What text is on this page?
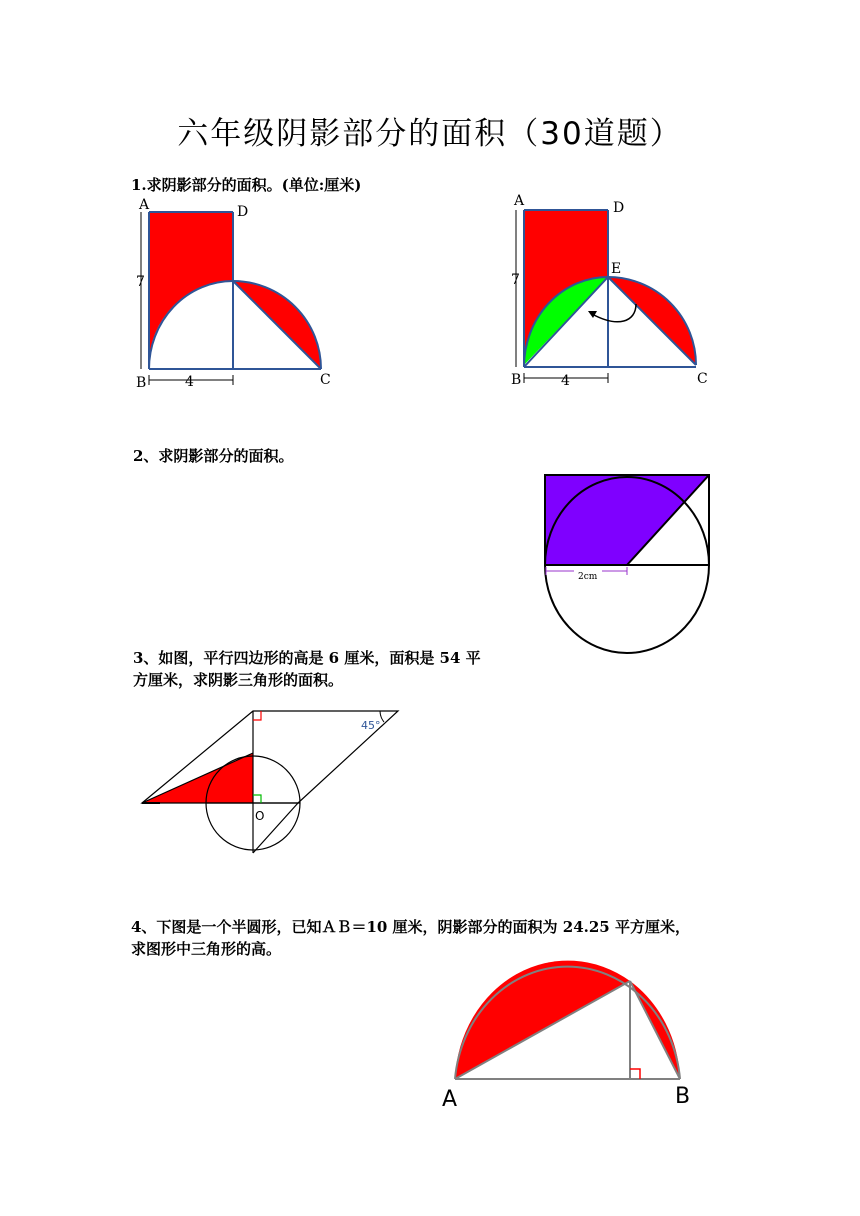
六年级阴影部分的面积（30道题）
1.求阴影部分的面积。(单位:厘米)
A	D
B	C
7
4
A	D
E
B	C
7
4
2、求阴影部分的面积。
2cm
3、如图，平行四边形的高是 6 厘米，面积是 54 平
方厘米，求阴影三角形的面积。
45°
O
4、下图是一个半圆形，已知ＡＢ＝10 厘米，阴影部分的面积为 24.25 平方厘米，
求图形中三角形的高。
A	B
